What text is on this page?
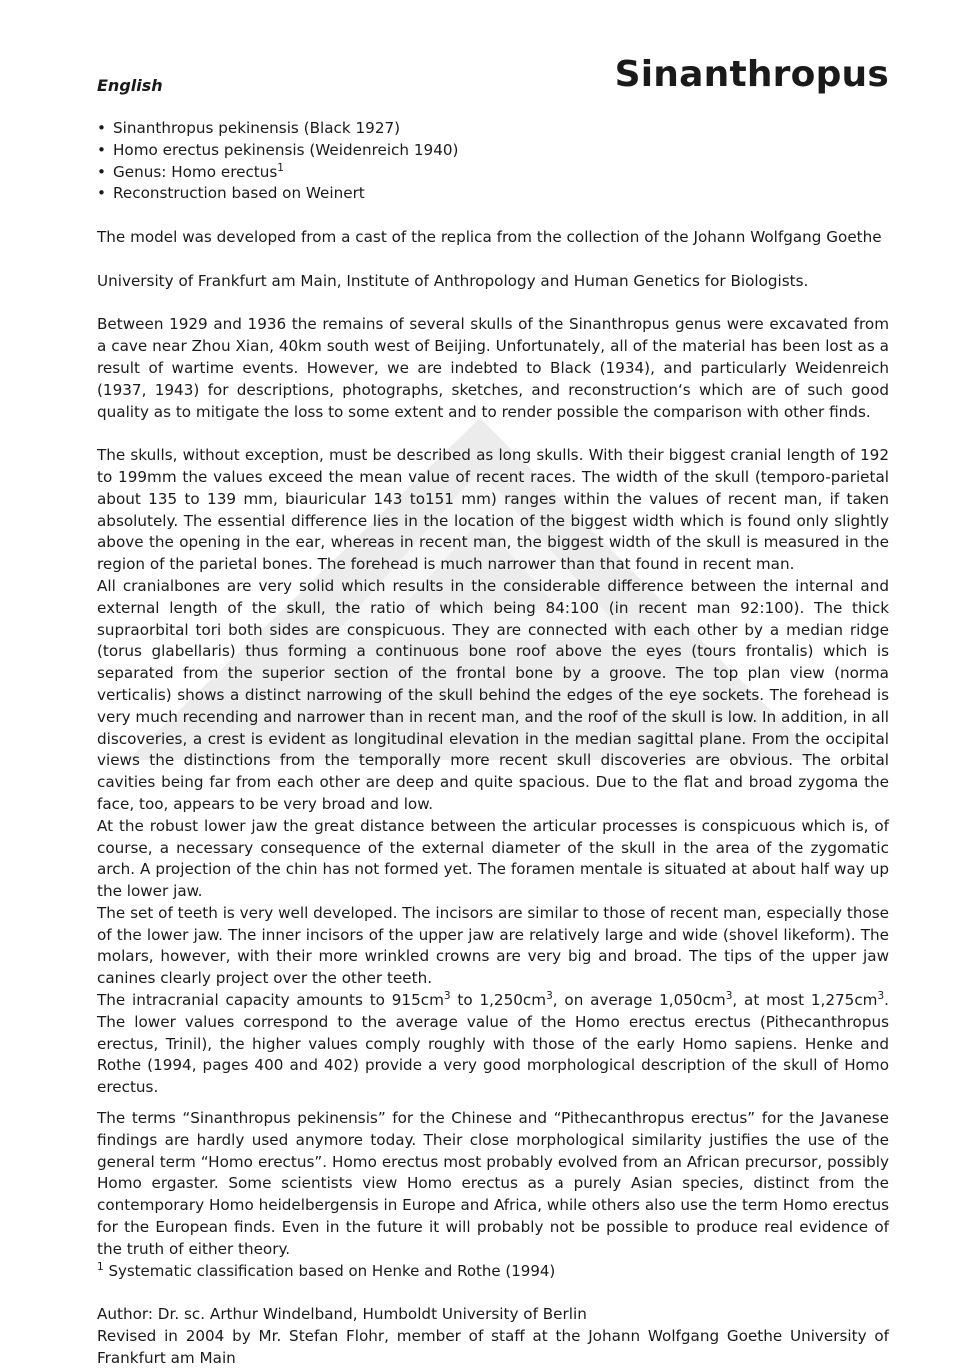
English	Sinanthropus
• Sinanthropus pekinensis (Black 1927)
• Homo erectus pekinensis (Weidenreich 1940)
• Genus: Homo erectus$^1$
• Reconstruction based on Weinert

The model was developed from a cast of the replica from the collection of the Johann Wolfgang Goethe

University of Frankfurt am Main, Institute of Anthropology and Human Genetics for Biologists.

Between 1929 and 1936 the remains of several skulls of the Sinanthropus genus were excavated from a cave near Zhou Xian, 40km south west of Beijing. Unfortunately, all of the material has been lost as a result of wartime events. However, we are indebted to Black (1934), and particularly Weidenreich (1937, 1943) for descriptions, photographs, sketches, and reconstruction‘s which are of such good quality as to mitigate the loss to some extent and to render possible the comparison with other finds.

The skulls, without exception, must be described as long skulls. With their biggest cranial length of 192 to 199mm the values exceed the mean value of recent races. The width of the skull (temporo-parietal about 135 to 139 mm, biauricular 143 to151 mm) ranges within the values of recent man, if taken absolutely. The essential difference lies in the location of the biggest width which is found only slightly above the opening in the ear, whereas in recent man, the biggest width of the skull is measured in the region of the parietal bones. The forehead is much narrower than that found in recent man.

All cranialbones are very solid which results in the considerable difference between the internal and external length of the skull, the ratio of which being 84:100 (in recent man 92:100). The thick supraorbital tori both sides are conspicuous. They are connected with each other by a median ridge (torus glabellaris) thus forming a continuous bone roof above the eyes (tours frontalis) which is separated from the superior section of the frontal bone by a groove. The top plan view (norma verticalis) shows a distinct narrowing of the skull behind the edges of the eye sockets. The forehead is very much recending and narrower than in recent man, and the roof of the skull is low. In addition, in all discoveries, a crest is evident as longitudinal elevation in the median sagittal plane. From the occipital views the distinctions from the temporally more recent skull discoveries are obvious. The orbital cavities being far from each other are deep and quite spacious. Due to the flat and broad zygoma the face, too, appears to be very broad and low.

At the robust lower jaw the great distance between the articular processes is conspicuous which is, of course, a necessary consequence of the external diameter of the skull in the area of the zygomatic arch. A projection of the chin has not formed yet. The foramen mentale is situated at about half way up the lower jaw.

The set of teeth is very well developed. The incisors are similar to those of recent man, especially those of the lower jaw. The inner incisors of the upper jaw are relatively large and wide (shovel likeform). The molars, however, with their more wrinkled crowns are very big and broad. The tips of the upper jaw canines clearly project over the other teeth.

The intracranial capacity amounts to $915cm^3$ to $1,250cm^3$, on average $1,050cm^3$, at most $1,275cm^3$. The lower values correspond to the average value of the Homo erectus erectus (Pithecanthropus erectus, Trinil), the higher values comply roughly with those of the early Homo sapiens. Henke and Rothe (1994, pages 400 and 402) provide a very good morphological description of the skull of Homo erectus.

The terms “Sinanthropus pekinensis” for the Chinese and “Pithecanthropus erectus” for the Javanese findings are hardly used anymore today. Their close morphological similarity justifies the use of the general term “Homo erectus”. Homo erectus most probably evolved from an African precursor, possibly Homo ergaster. Some scientists view Homo erectus as a purely Asian species, distinct from the contemporary Homo heidelbergensis in Europe and Africa, while others also use the term Homo erectus for the European finds. Even in the future it will probably not be possible to produce real evidence of the truth of either theory.

$^1$ Systematic classification based on Henke and Rothe (1994)

Author: Dr. sc. Arthur Windelband, Humboldt University of Berlin

Revised in 2004 by Mr. Stefan Flohr, member of staff at the Johann Wolfgang Goethe University of Frankfurt am Main
